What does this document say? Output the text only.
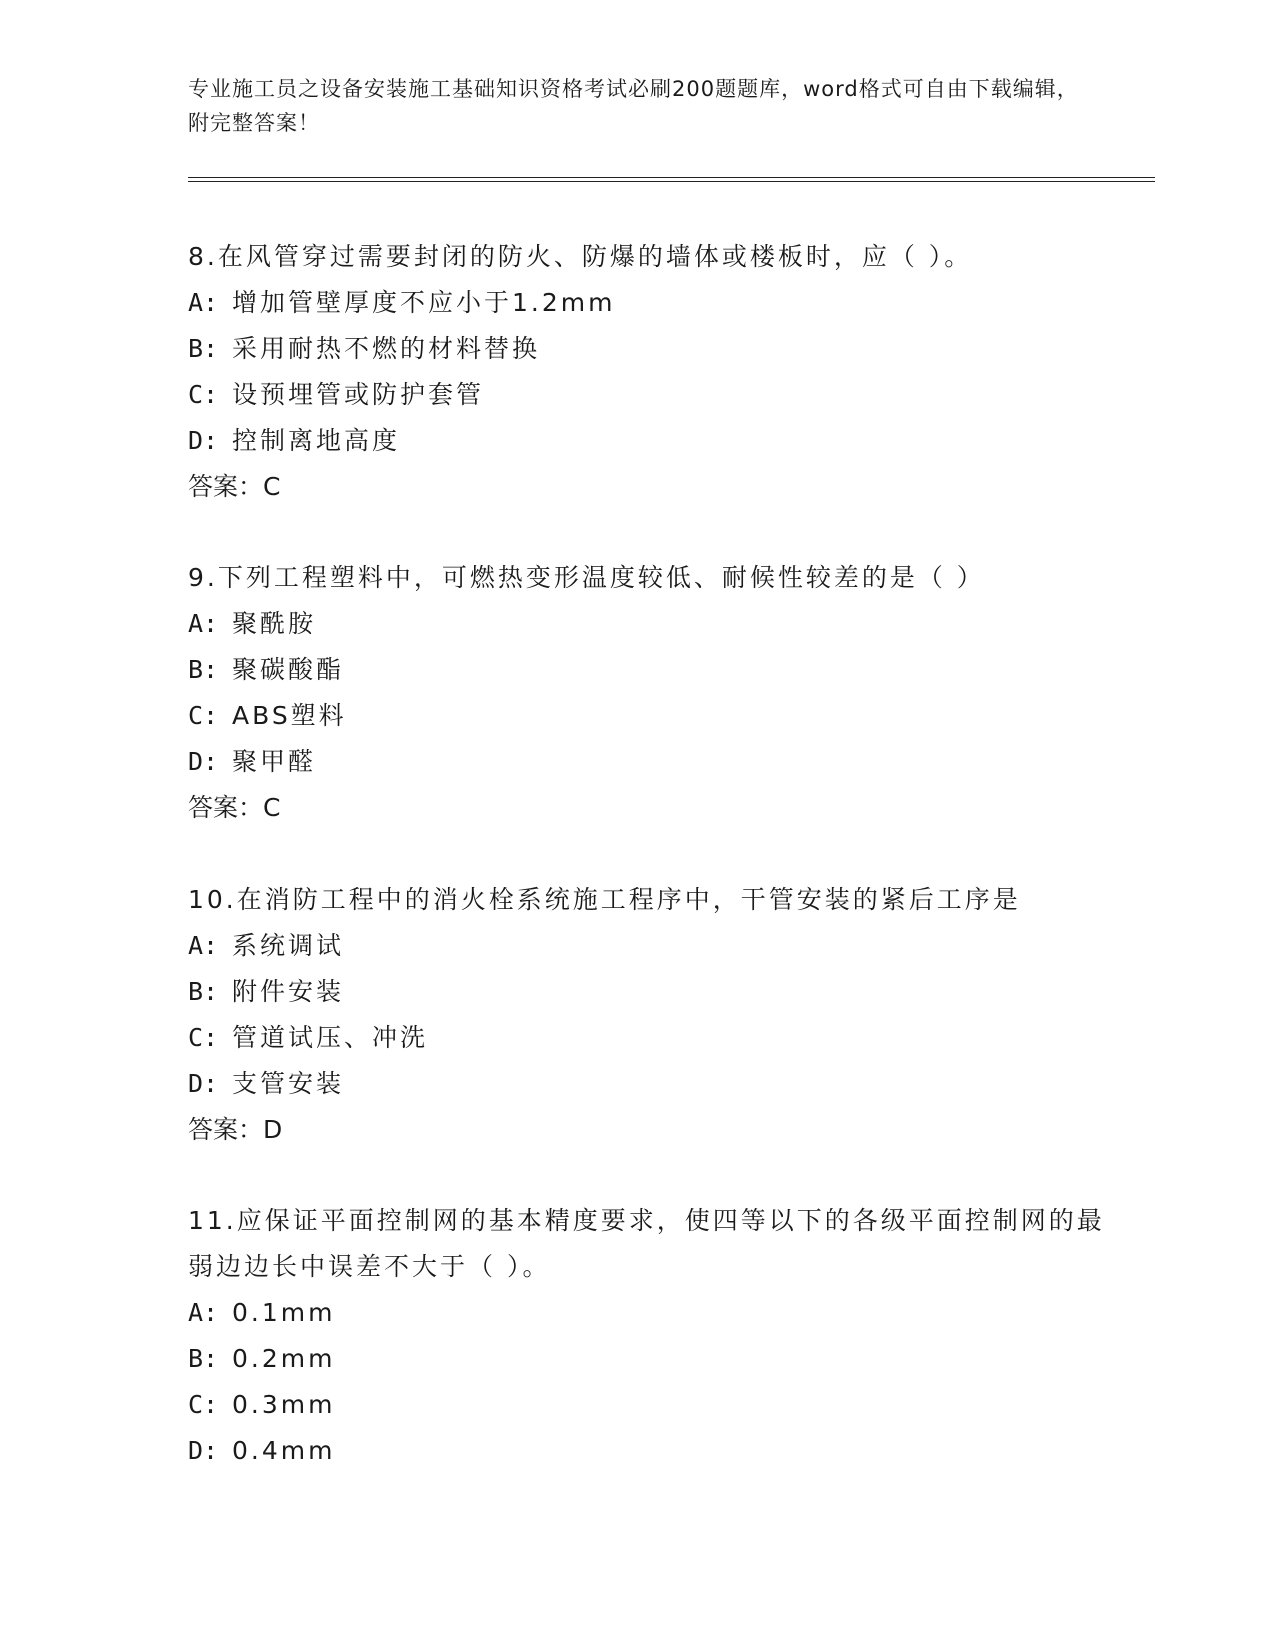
专业施工员之设备安装施工基础知识资格考试必刷200题题库，word格式可自由下载编辑，附完整答案！

8.在风管穿过需要封闭的防火、防爆的墙体或楼板时，应（ ）。

A: 增加管壁厚度不应小于1.2mm
B: 采用耐热不燃的材料替换
C: 设预埋管或防护套管
D: 控制离地高度
答案：C

9.下列工程塑料中，可燃热变形温度较低、耐候性较差的是（ ）

A: 聚酰胺
B: 聚碳酸酯
C: ABS塑料
D: 聚甲醛
答案：C

10.在消防工程中的消火栓系统施工程序中，干管安装的紧后工序是

A: 系统调试
B: 附件安装
C: 管道试压、冲洗
D: 支管安装
答案：D

11.应保证平面控制网的基本精度要求，使四等以下的各级平面控制网的最弱边边长中误差不大于（ ）。

A: 0.1mm
B: 0.2mm
C: 0.3mm
D: 0.4mm
